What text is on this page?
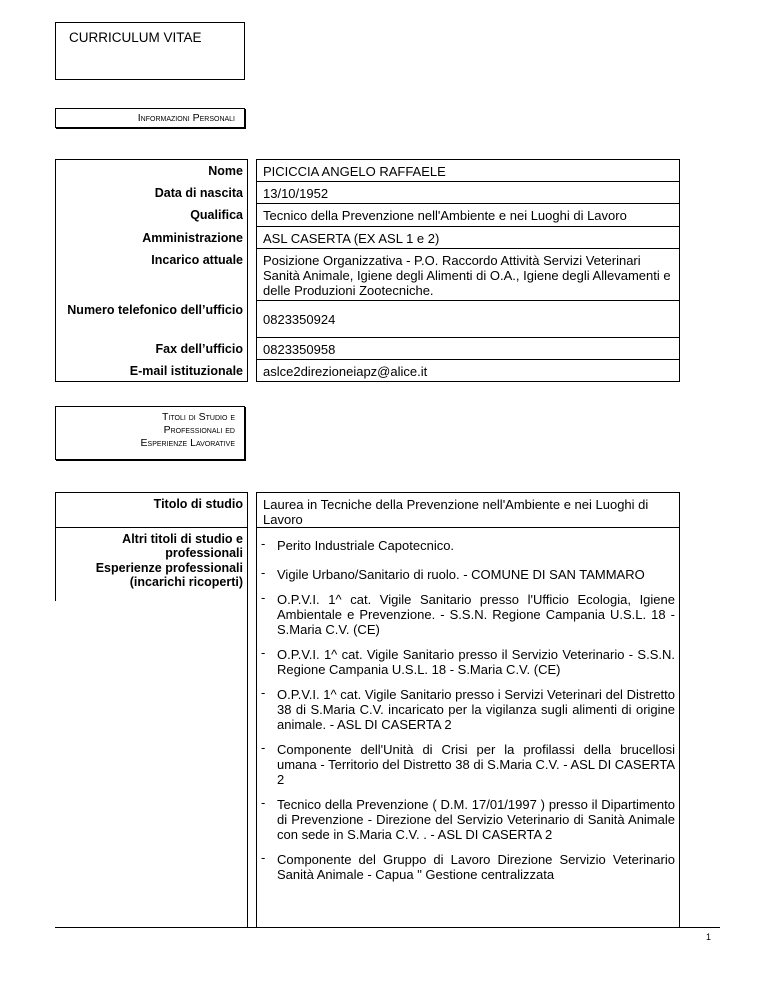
CURRICULUM VITAE
Informazioni Personali
Nome	PICICCIA ANGELO RAFFAELE
Data di nascita	13/10/1952
Qualifica	Tecnico della Prevenzione nell'Ambiente e nei Luoghi di Lavoro
Amministrazione	ASL CASERTA (EX ASL 1 e 2)
Incarico attuale	Posizione Organizzativa - P.O. Raccordo Attività Servizi Veterinari Sanità Animale, Igiene degli Alimenti di O.A., Igiene degli Allevamenti e delle Produzioni Zootecniche.
Numero telefonico dell’ufficio
0823350924
Fax dell’ufficio	0823350958
E-mail istituzionale	aslce2direzioneiapz@alice.it
Titoli di Studio e
Professionali ed
Esperienze Lavorative
Titolo di studio	Laurea in Tecniche della Prevenzione nell'Ambiente e nei Luoghi di Lavoro
Altri titoli di studio e professionali
Esperienze professionali (incarichi ricoperti)
- Perito Industriale Capotecnico.
- Vigile Urbano/Sanitario di ruolo. - COMUNE DI SAN TAMMARO
- O.P.V.I. 1^ cat. Vigile Sanitario presso l'Ufficio Ecologia, Igiene Ambientale e Prevenzione. - S.S.N. Regione Campania U.S.L. 18 - S.Maria C.V. (CE)
- O.P.V.I. 1^ cat. Vigile Sanitario presso il Servizio Veterinario - S.S.N. Regione Campania U.S.L. 18 - S.Maria C.V. (CE)
- O.P.V.I. 1^ cat. Vigile Sanitario presso i Servizi Veterinari del Distretto 38 di S.Maria C.V. incaricato per la vigilanza sugli alimenti di origine animale. - ASL DI CASERTA 2
- Componente dell'Unità di Crisi per la profilassi della brucellosi umana - Territorio del Distretto 38 di S.Maria C.V. - ASL DI CASERTA 2
- Tecnico della Prevenzione ( D.M. 17/01/1997 ) presso il Dipartimento di Prevenzione - Direzione del Servizio Veterinario di Sanità Animale con sede in S.Maria C.V. . - ASL DI CASERTA 2
- Componente del Gruppo di Lavoro Direzione Servizio Veterinario Sanità Animale - Capua " Gestione centralizzata
1
